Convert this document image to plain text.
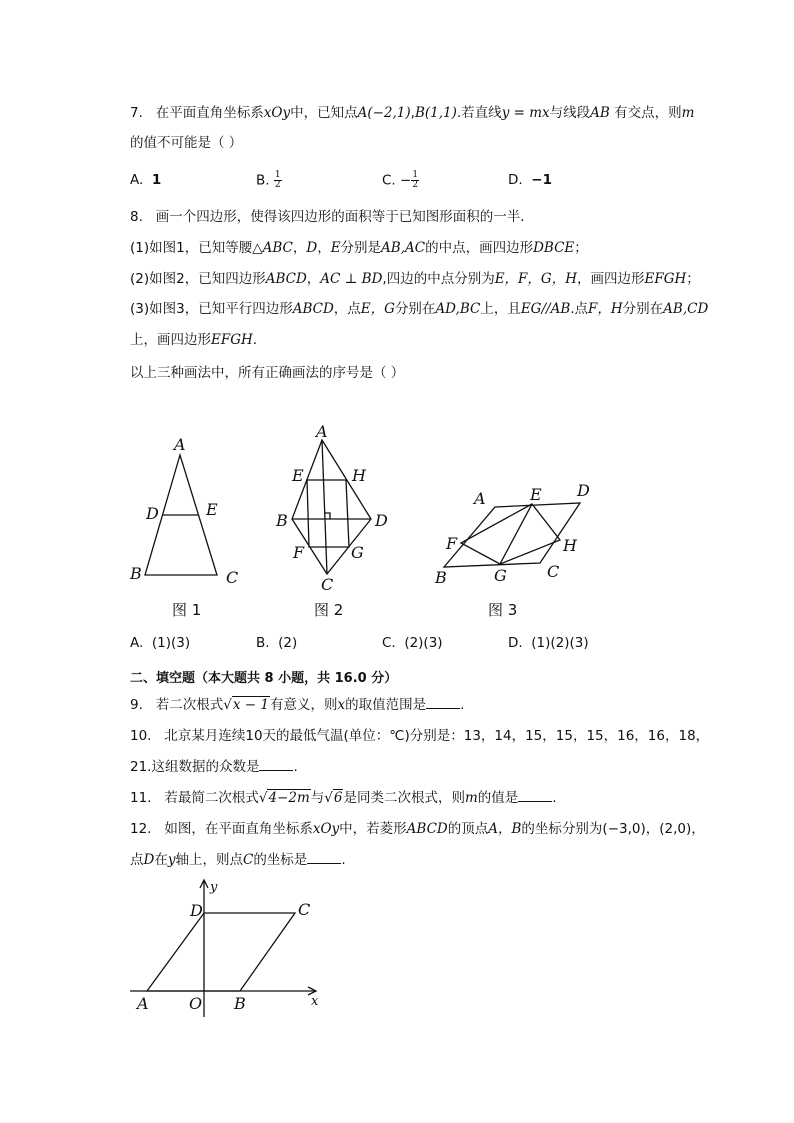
7. 在平面直角坐标系xOy中，已知点A(−2,1),B(1,1).若直线y = mx与线段AB 有交点，则m
的值不可能是（ ）
A. 1	B. $\frac{1}{2}$	C. − $\frac{1}{2}$	D. −1
8. 画一个四边形，使得该四边形的面积等于已知图形面积的一半．
(1)如图1，已知等腰△ABC，D，E分别是AB,AC的中点，画四边形DBCE；
(2)如图2，已知四边形ABCD，AC ⊥ BD,四边的中点分别为E，F，G，H，画四边形EFGH；
(3)如图3，已知平行四边形ABCD，点E，G分别在AD,BC上，且EG//AB.点F，H分别在AB,CD
上，画四边形EFGH.
以上三种画法中，所有正确画法的序号是（ ）
A
D	E
B	C
图 1
A
E	H
B	D
F	G
C
图 2
A	E D
F	H
B	G	C
图 3
A. (1)(3)	B. (2)	C. (2)(3)	D. (1)(2)(3)
二、填空题（本大题共 8 小题，共 16.0 分）
9. 若二次根式√x − 1有意义，则x的取值范围是	.
10. 北京某月连续10天的最低气温(单位：℃)分别是：13，14，15，15，15，16，16，18，
21.这组数据的众数是	.
11. 若最简二次根式√4−2m与√6是同类二次根式，则m的值是	.
12. 如图，在平面直角坐标系xOy中，若菱形ABCD的顶点A，B的坐标分别为(−3,0)，(2,0)，
点D在y轴上，则点C的坐标是	.
y
D	C
A	O B	x
